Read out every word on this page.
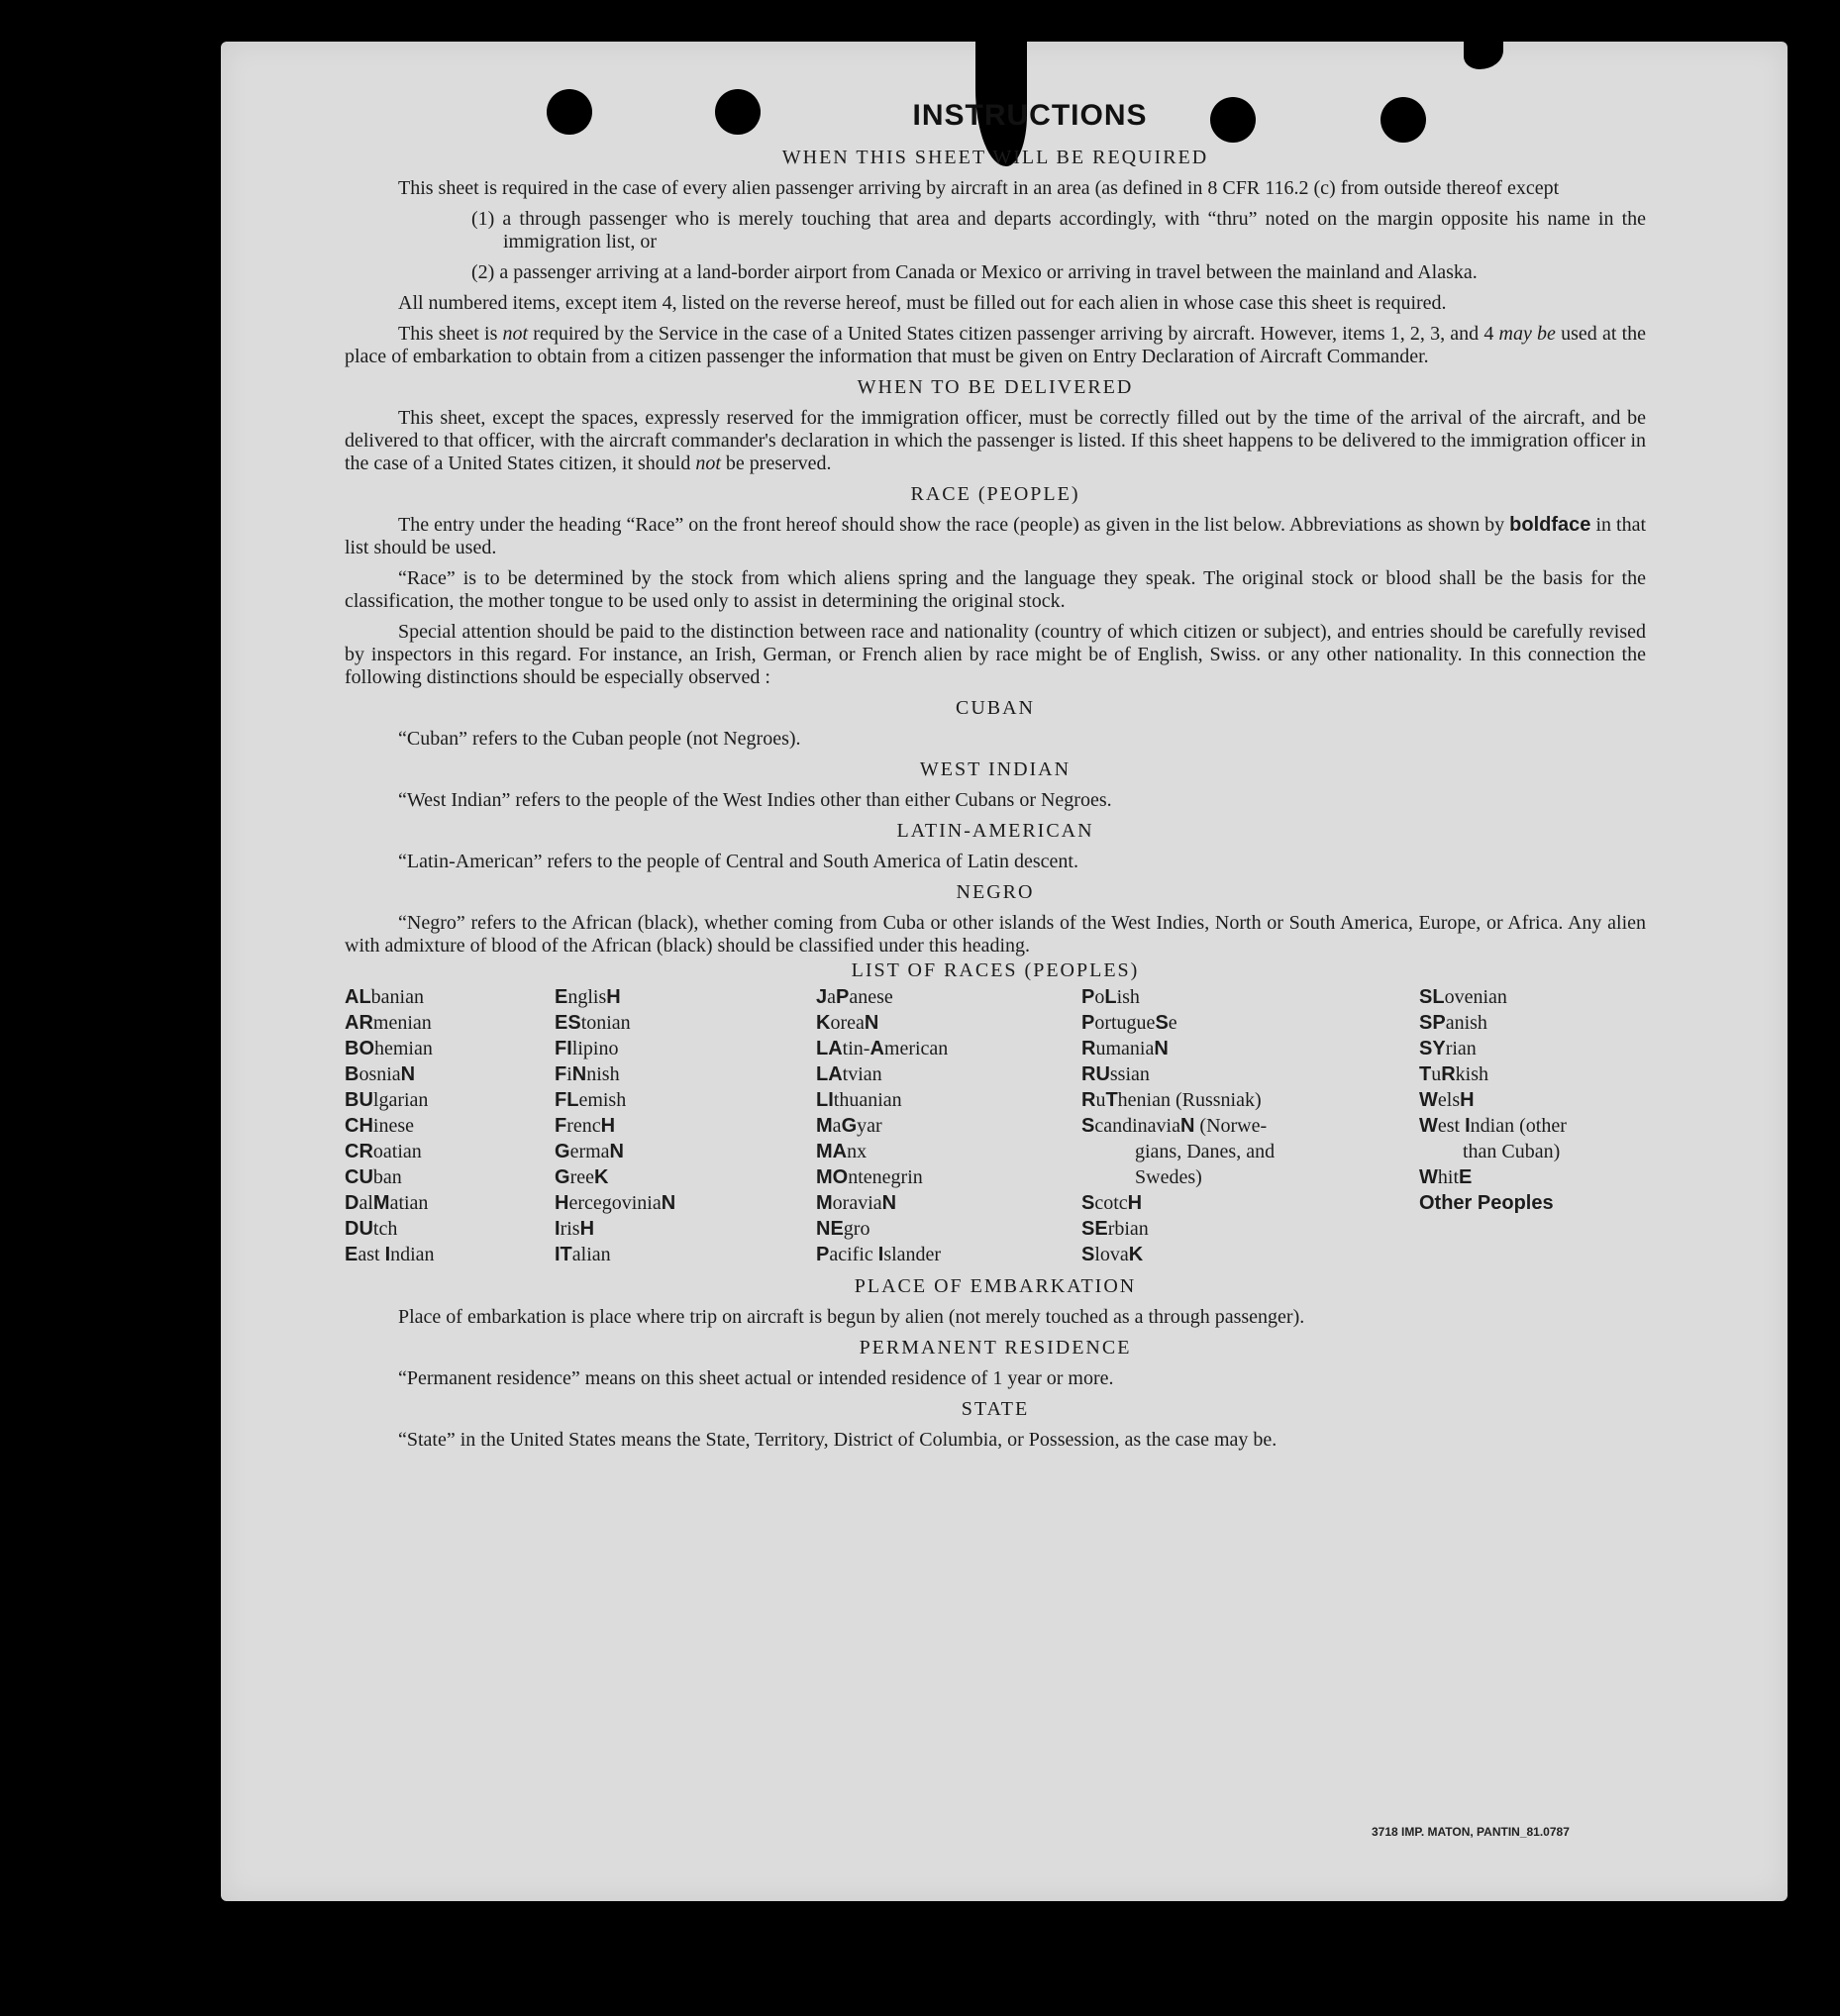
INSTRUCTIONS
WHEN THIS SHEET WILL BE REQUIRED

This sheet is required in the case of every alien passenger arriving by aircraft in an area (as defined in 8 CFR 116.2 (c) from outside thereof except

(1) a through passenger who is merely touching that area and departs accordingly, with “thru” noted on the margin opposite his name in the immigration list, or

(2) a passenger arriving at a land-border airport from Canada or Mexico or arriving in travel between the mainland and Alaska.

All numbered items, except item 4, listed on the reverse hereof, must be filled out for each alien in whose case this sheet is required.

This sheet is not required by the Service in the case of a United States citizen passenger arriving by aircraft. However, items 1, 2, 3, and 4 may be used at the place of embarkation to obtain from a citizen passenger the information that must be given on Entry Declaration of Aircraft Commander.

WHEN TO BE DELIVERED

This sheet, except the spaces, expressly reserved for the immigration officer, must be correctly filled out by the time of the arrival of the aircraft, and be delivered to that officer, with the aircraft commander's declaration in which the passenger is listed. If this sheet happens to be delivered to the immigration officer in the case of a United States citizen, it should not be preserved.

RACE (PEOPLE)

The entry under the heading “Race” on the front hereof should show the race (people) as given in the list below. Abbreviations as shown by boldface in that list should be used.

“Race” is to be determined by the stock from which aliens spring and the language they speak. The original stock or blood shall be the basis for the classification, the mother tongue to be used only to assist in determining the original stock.

Special attention should be paid to the distinction between race and nationality (country of which citizen or subject), and entries should be carefully revised by inspectors in this regard. For instance, an Irish, German, or French alien by race might be of English, Swiss. or any other nationality. In this connection the following distinctions should be especially observed :

CUBAN

“Cuban” refers to the Cuban people (not Negroes).

WEST INDIAN

“West Indian” refers to the people of the West Indies other than either Cubans or Negroes.

LATIN-AMERICAN

“Latin-American” refers to the people of Central and South America of Latin descent.

NEGRO

“Negro” refers to the African (black), whether coming from Cuba or other islands of the West Indies, North or South America, Europe, or Africa. Any alien with admixture of blood of the African (black) should be classified under this heading.

LIST OF RACES (PEOPLES)
ALbanian
ARmenian
BOhemian
BosniaN
BUlgarian
CHinese
CRoatian
CUban
DalMatian
DUtch
East Indian
EnglisH
EStonian
FIlipino
FiNnish
FLemish
FrencH
GermaN
GreeK
HercegoviniaN
IrisH
ITalian
JaPanese
KoreaN
LAtin-American
LAtvian
LIthuanian
MaGyar
MAnx
MOntenegrin
MoraviaN
NEgro
Pacific Islander
PoLish
PortugueSe
RumaniaN
RUssian
RuThenian (Russniak)
ScandinaviaN (Norwe-
gians, Danes, and
Swedes)
ScotcH
SErbian
SlovaK
SLovenian
SPanish
SYrian
TuRkish
WelsH
West Indian (other
than Cuban)
WhitE
Other Peoples
PLACE OF EMBARKATION

Place of embarkation is place where trip on aircraft is begun by alien (not merely touched as a through passenger).

PERMANENT RESIDENCE

“Permanent residence” means on this sheet actual or intended residence of 1 year or more.

STATE

“State” in the United States means the State, Territory, District of Columbia, or Possession, as the case may be.

3718 IMP. MATON, PANTIN_81.0787
